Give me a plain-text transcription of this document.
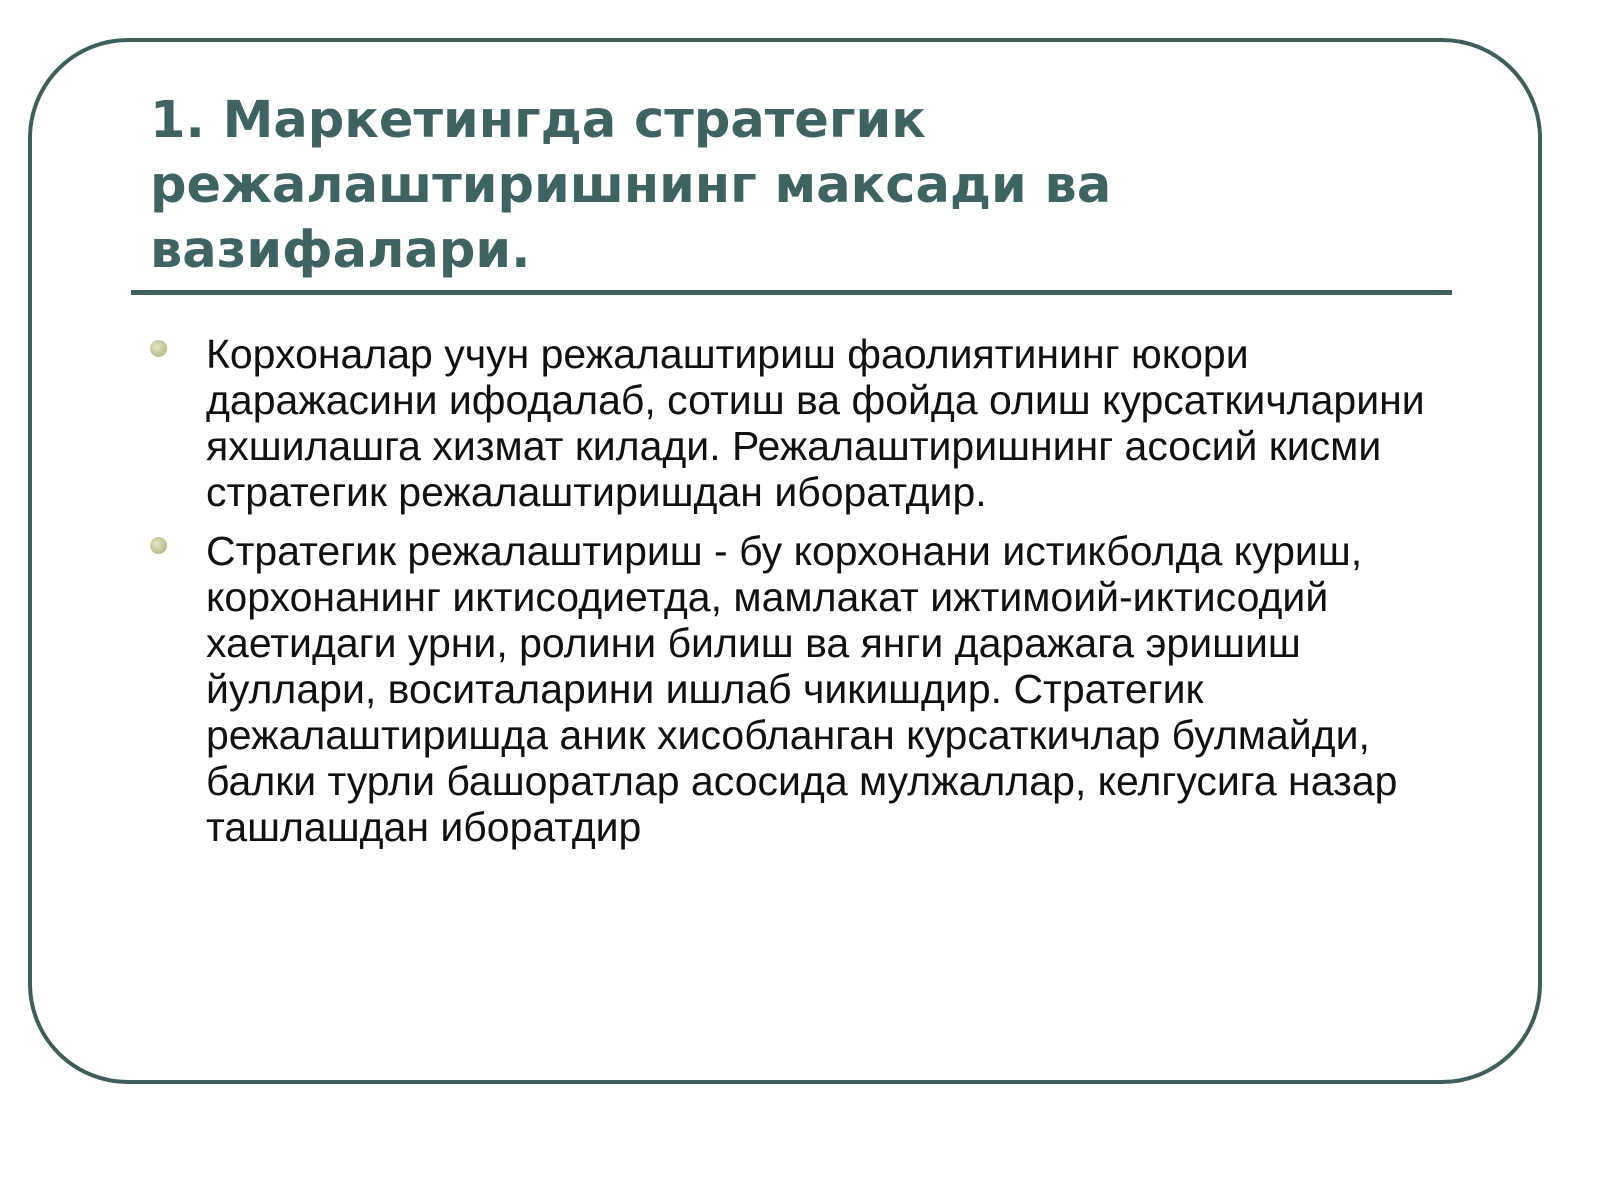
1. Маркетингда стратегик режалаштиришнинг максади ва вазифалари.
Корхоналар учун режалаштириш фаолиятининг юкори даражасини ифодалаб, сотиш ва фойда олиш курсаткичларини яхшилашга хизмат килади. Режалаштиришнинг асосий кисми стратегик режалаштиришдан иборатдир.
Стратегик режалаштириш - бу корхонани истикболда куриш, корхонанинг иктисодиетда, мамлакат ижтимоий-иктисодий хаетидаги урни, ролини билиш ва янги даражага эришиш йуллари, воситаларини ишлаб чикишдир. Стратегик режалаштиришда аник хисобланган курсаткичлар булмайди, балки турли башоратлар асосида мулжаллар, келгусига назар ташлашдан иборатдир
